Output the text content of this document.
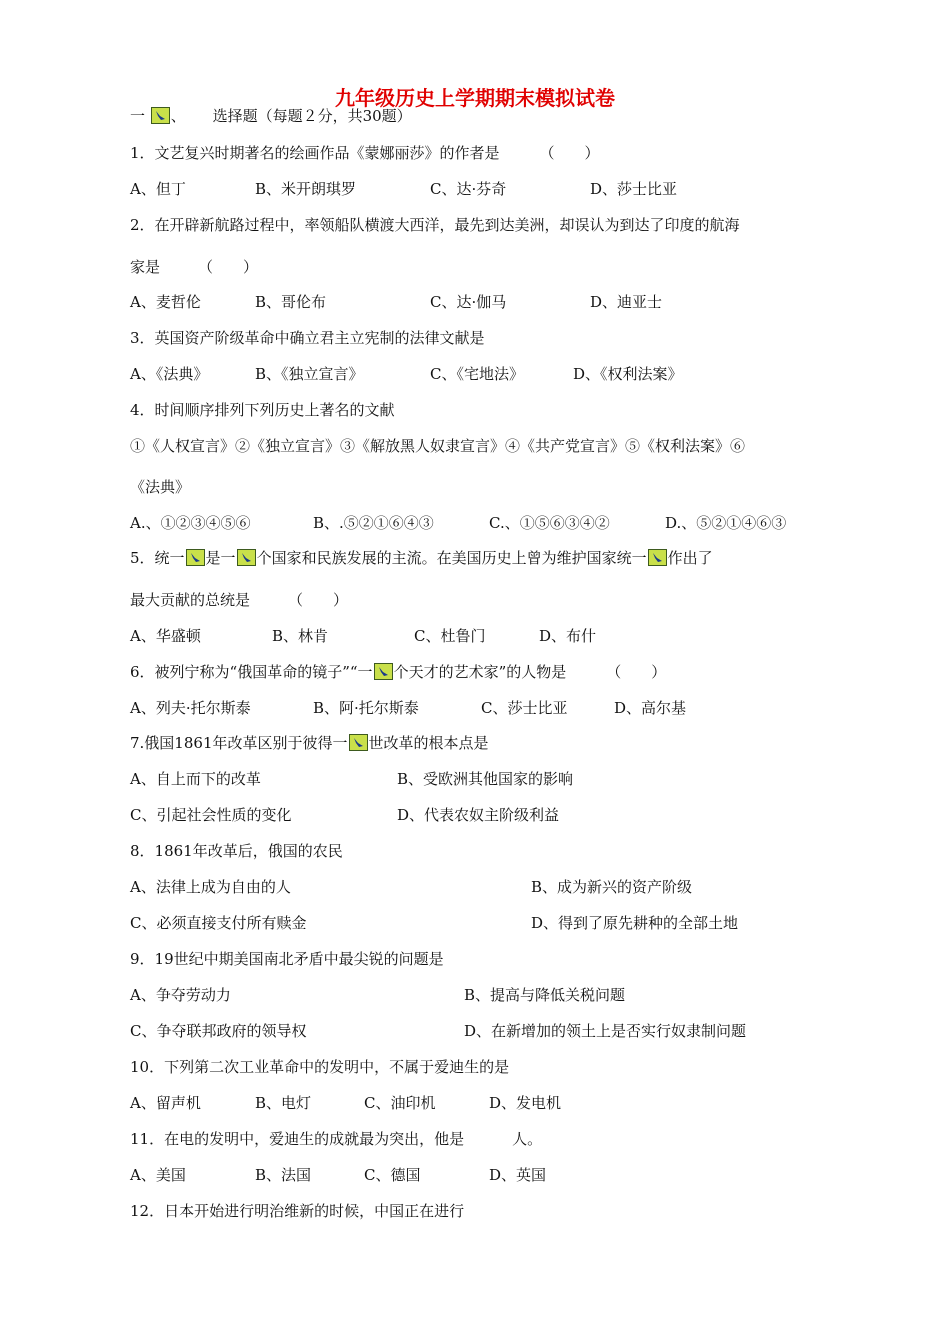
九年级历史上学期期末模拟试卷
一 、 选择题（每题２分，共30题）
1．文艺复兴时期著名的绘画作品《蒙娜丽莎》的作者是	（　　）
A、但丁	B、米开朗琪罗	C、达·芬奇	D、莎士比亚
2．在开辟新航路过程中，率领船队横渡大西洋，最先到达美洲，却误认为到达了印度的航海
家是	（　　）
A、麦哲伦	B、哥伦布	C、达·伽马	D、迪亚士
3．英国资产阶级革命中确立君主立宪制的法律文献是
A、《法典》	B、《独立宣言》	C、《宅地法》	D、《权利法案》
4．时间顺序排列下列历史上著名的文献
①《人权宣言》②《独立宣言》③《解放黑人奴隶宣言》④《共产党宣言》⑤《权利法案》⑥
《法典》
A.、①②③④⑤⑥	B、.⑤②①⑥④③	C.、①⑤⑥③④②	D.、⑤②①④⑥③
5．统一 是一 个国家和民族发展的主流。在美国历史上曾为维护国家统一 作出了
最大贡献的总统是	（　　）
A、华盛顿	B、林肯	C、杜鲁门	D、布什
6．被列宁称为“俄国革命的镜子”“一 个天才的艺术家”的人物是	（　　）
A、列夫·托尔斯泰	B、阿·托尔斯泰	C、莎士比亚	D、高尔基
7.俄国1861年改革区别于彼得一 世改革的根本点是
A、自上而下的改革	B、受欧洲其他国家的影响
C、引起社会性质的变化	D、代表农奴主阶级利益
8．1861年改革后，俄国的农民
A、法律上成为自由的人	B、成为新兴的资产阶级
C、必须直接支付所有赎金	D、得到了原先耕种的全部土地
9．19世纪中期美国南北矛盾中最尖锐的问题是
A、争夺劳动力	B、提高与降低关税问题
C、争夺联邦政府的领导权	D、在新增加的领土上是否实行奴隶制问题
10．下列第二次工业革命中的发明中，不属于爱迪生的是
A、留声机	B、电灯	C、油印机	D、发电机
11．在电的发明中，爱迪生的成就最为突出，他是	人。
A、美国	B、法国	C、德国	D、英国
12．日本开始进行明治维新的时候，中国正在进行
